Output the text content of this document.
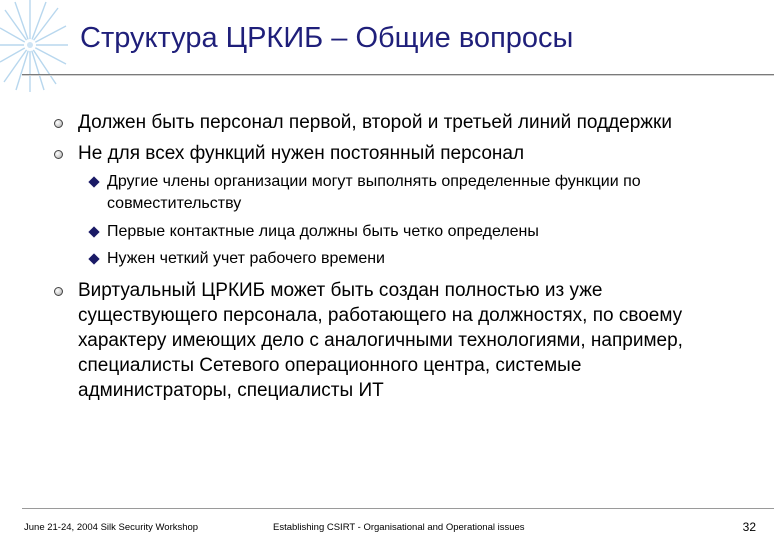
Структура ЦРКИБ – Общие вопросы
Должен быть персонал первой, второй и третьей линий поддержки
Не для всех функций нужен постоянный персонал
Другие члены организации могут выполнять определенные функции по
совместительству
Первые контактные лица должны быть четко определены
Нужен четкий учет рабочего времени
Виртуальный ЦРКИБ может быть создан полностью из уже
существующего персонала, работающего на должностях, по своему
характеру имеющих дело с аналогичными технологиями, например,
специалисты Сетевого операционного центра, системые
администраторы, специалисты ИТ
June 21-24, 2004 Silk Security Workshop	Establishing CSIRT - Organisational and Operational issues	32
